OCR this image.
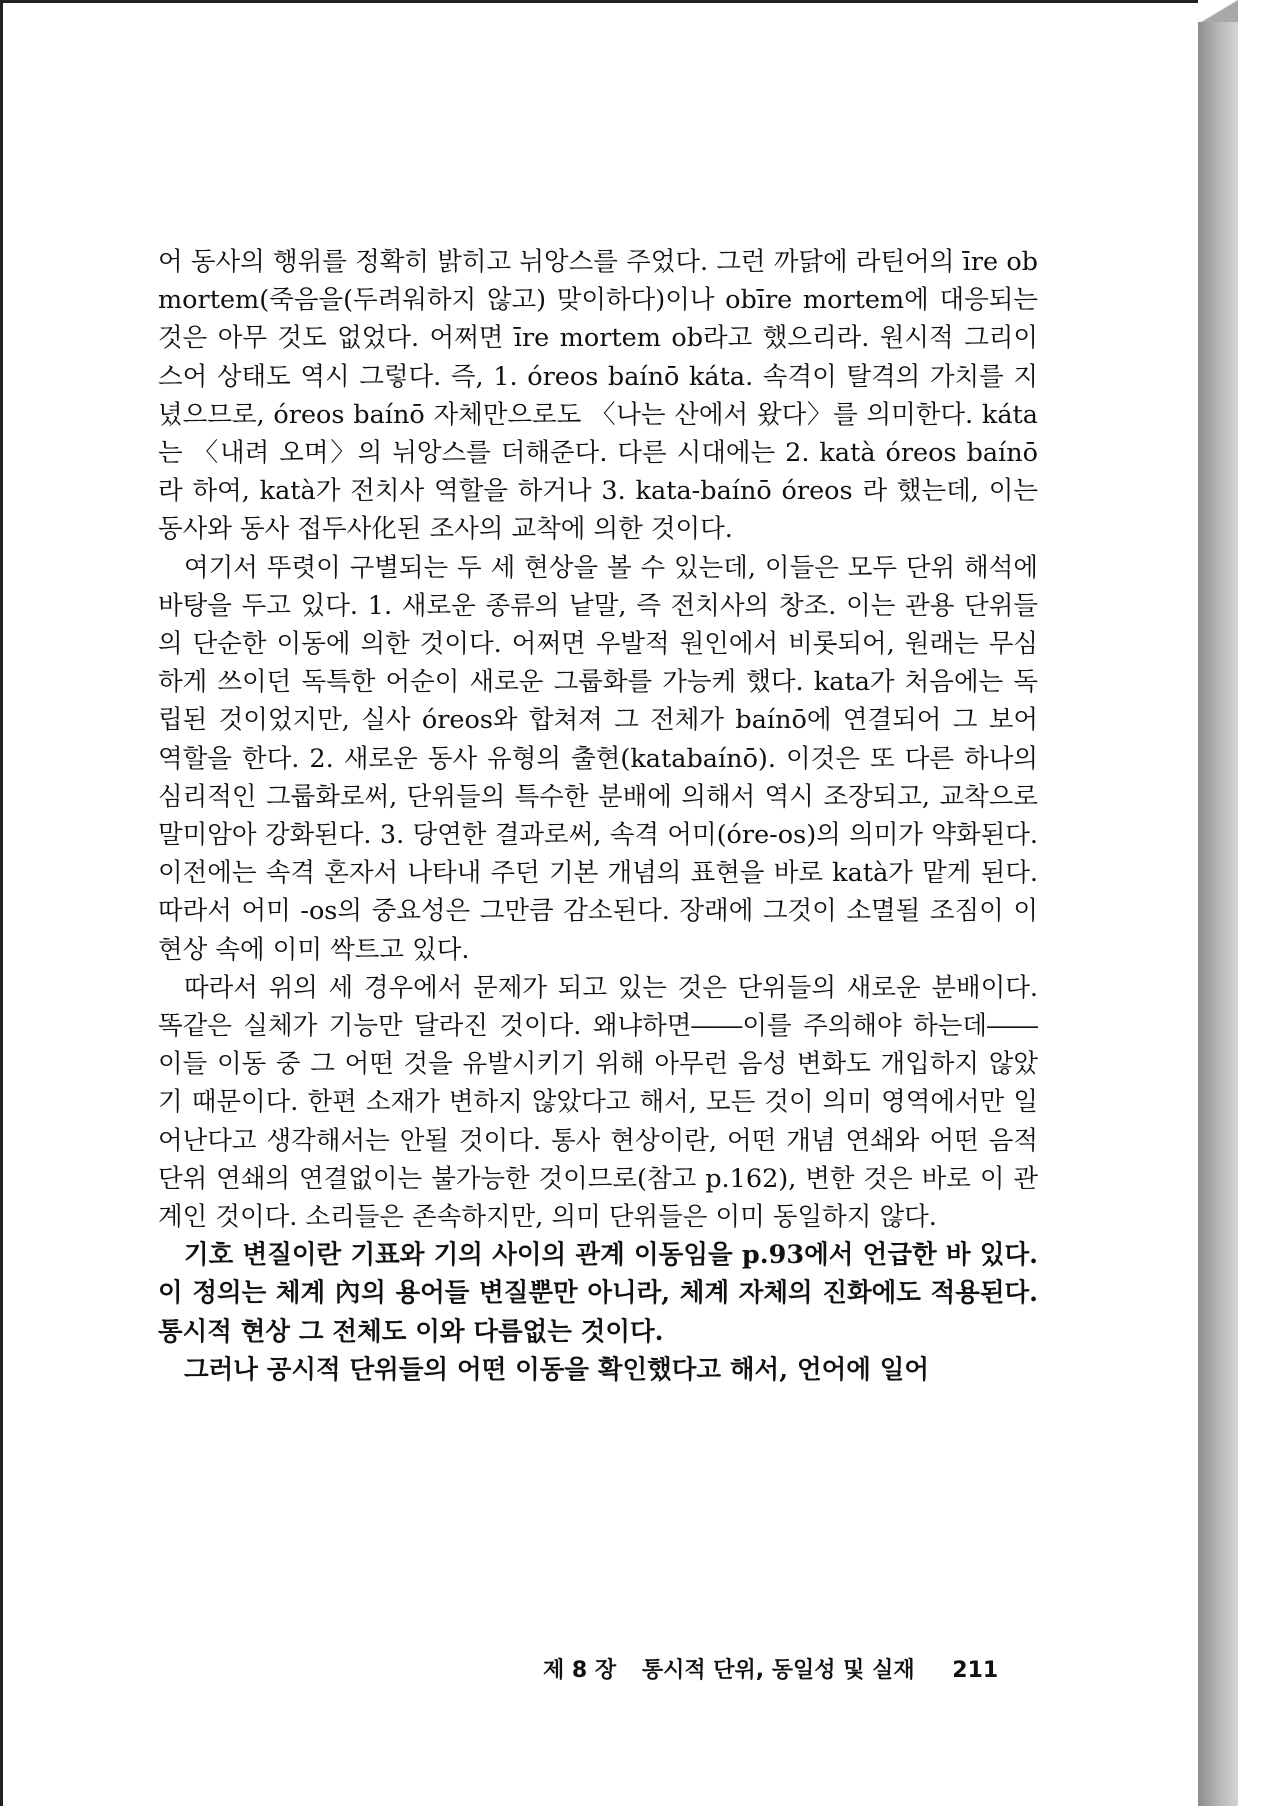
어 동사의 행위를 정확히 밝히고 뉘앙스를 주었다. 그런 까닭에 라틴어의 īre ob mortem(죽음을(두려워하지 않고) 맞이하다)이나 obīre mortem에 대응되는 것은 아무 것도 없었다. 어쩌면 īre mortem ob라고 했으리라. 원시적 그리이스어 상태도 역시 그렇다. 즉, 1. óreos baínō káta. 속격이 탈격의 가치를 지녔으므로, óreos baínō 자체만으로도 〈나는 산에서 왔다〉를 의미한다. káta는 〈내려 오며〉의 뉘앙스를 더해준다. 다른 시대에는 2. katà óreos baínō라 하여, katà가 전치사 역할을 하거나 3. kata-baínō óreos 라 했는데, 이는 동사와 동사 접두사化된 조사의 교착에 의한 것이다.

여기서 뚜렷이 구별되는 두 세 현상을 볼 수 있는데, 이들은 모두 단위 해석에 바탕을 두고 있다. 1. 새로운 종류의 낱말, 즉 전치사의 창조. 이는 관용 단위들의 단순한 이동에 의한 것이다. 어쩌면 우발적 원인에서 비롯되어, 원래는 무심하게 쓰이던 독특한 어순이 새로운 그룹화를 가능케 했다. kata가 처음에는 독립된 것이었지만, 실사 óreos와 합쳐져 그 전체가 baínō에 연결되어 그 보어 역할을 한다. 2. 새로운 동사 유형의 출현(katabaínō). 이것은 또 다른 하나의 심리적인 그룹화로써, 단위들의 특수한 분배에 의해서 역시 조장되고, 교착으로 말미암아 강화된다. 3. 당연한 결과로써, 속격 어미(óre-os)의 의미가 약화된다. 이전에는 속격 혼자서 나타내 주던 기본 개념의 표현을 바로 katà가 맡게 된다. 따라서 어미 -os의 중요성은 그만큼 감소된다. 장래에 그것이 소멸될 조짐이 이 현상 속에 이미 싹트고 있다.

따라서 위의 세 경우에서 문제가 되고 있는 것은 단위들의 새로운 분배이다. 똑같은 실체가 기능만 달라진 것이다. 왜냐하면――이를 주의해야 하는데――이들 이동 중 그 어떤 것을 유발시키기 위해 아무런 음성 변화도 개입하지 않았기 때문이다. 한편 소재가 변하지 않았다고 해서, 모든 것이 의미 영역에서만 일어난다고 생각해서는 안될 것이다. 통사 현상이란, 어떤 개념 연쇄와 어떤 음적 단위 연쇄의 연결없이는 불가능한 것이므로(참고 p.162), 변한 것은 바로 이 관계인 것이다. 소리들은 존속하지만, 의미 단위들은 이미 동일하지 않다.

기호 변질이란 기표와 기의 사이의 관계 이동임을 p.93에서 언급한 바 있다. 이 정의는 체계 內의 용어들 변질뿐만 아니라, 체계 자체의 진화에도 적용된다. 통시적 현상 그 전체도 이와 다름없는 것이다.

그러나 공시적 단위들의 어떤 이동을 확인했다고 해서, 언어에 일어

제 8 장 통시적 단위, 동일성 및 실재 211
